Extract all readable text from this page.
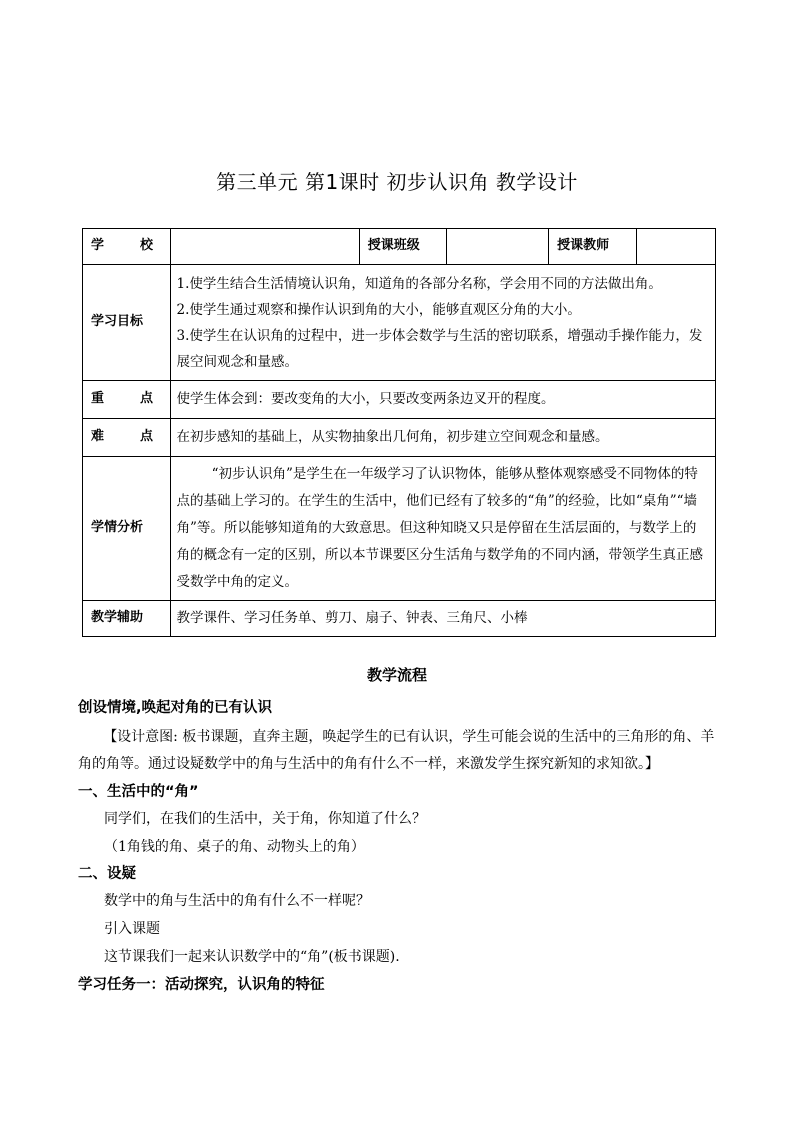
第三单元 第1课时 初步认识角 教学设计
学 校		授课班级		授课教师	
学习目标	1.使学生结合生活情境认识角，知道角的各部分名称，学会用不同的方法做出角。
2.使学生通过观察和操作认识到角的大小，能够直观区分角的大小。
3.使学生在认识角的过程中，进一步体会数学与生活的密切联系，增强动手操作能力，发展空间观念和量感。				

重 点	使学生体会到：要改变角的大小，只要改变两条边叉开的程度。				

难 点	在初步感知的基础上，从实物抽象出几何角，初步建立空间观念和量感。				
学情分析	“初步认识角”是学生在一年级学习了认识物体，能够从整体观察感受不同物体的特点的基础上学习的。在学生的生活中，他们已经有了较多的“角”的经验，比如“桌角”“墙角”等。所以能够知道角的大致意思。但这种知晓又只是停留在生活层面的，与数学上的角的概念有一定的区别，所以本节课要区分生活角与数学角的不同内涵，带领学生真正感受数学中角的定义。				

教学辅助	教学课件、学习任务单、剪刀、扇子、钟表、三角尺、小棒				
教学流程
创设情境,唤起对角的已有认识
【设计意图: 板书课题，直奔主题，唤起学生的已有认识，学生可能会说的生活中的三角形的角、羊角的角等。通过设疑数学中的角与生活中的角有什么不一样，来激发学生探究新知的求知欲。】
一、生活中的“角”
同学们，在我们的生活中，关于角，你知道了什么？
（1角钱的角、桌子的角、动物头上的角）
二、设疑
数学中的角与生活中的角有什么不一样呢？
引入课题
这节课我们一起来认识数学中的“角”(板书课题).
学习任务一：活动探究，认识角的特征
